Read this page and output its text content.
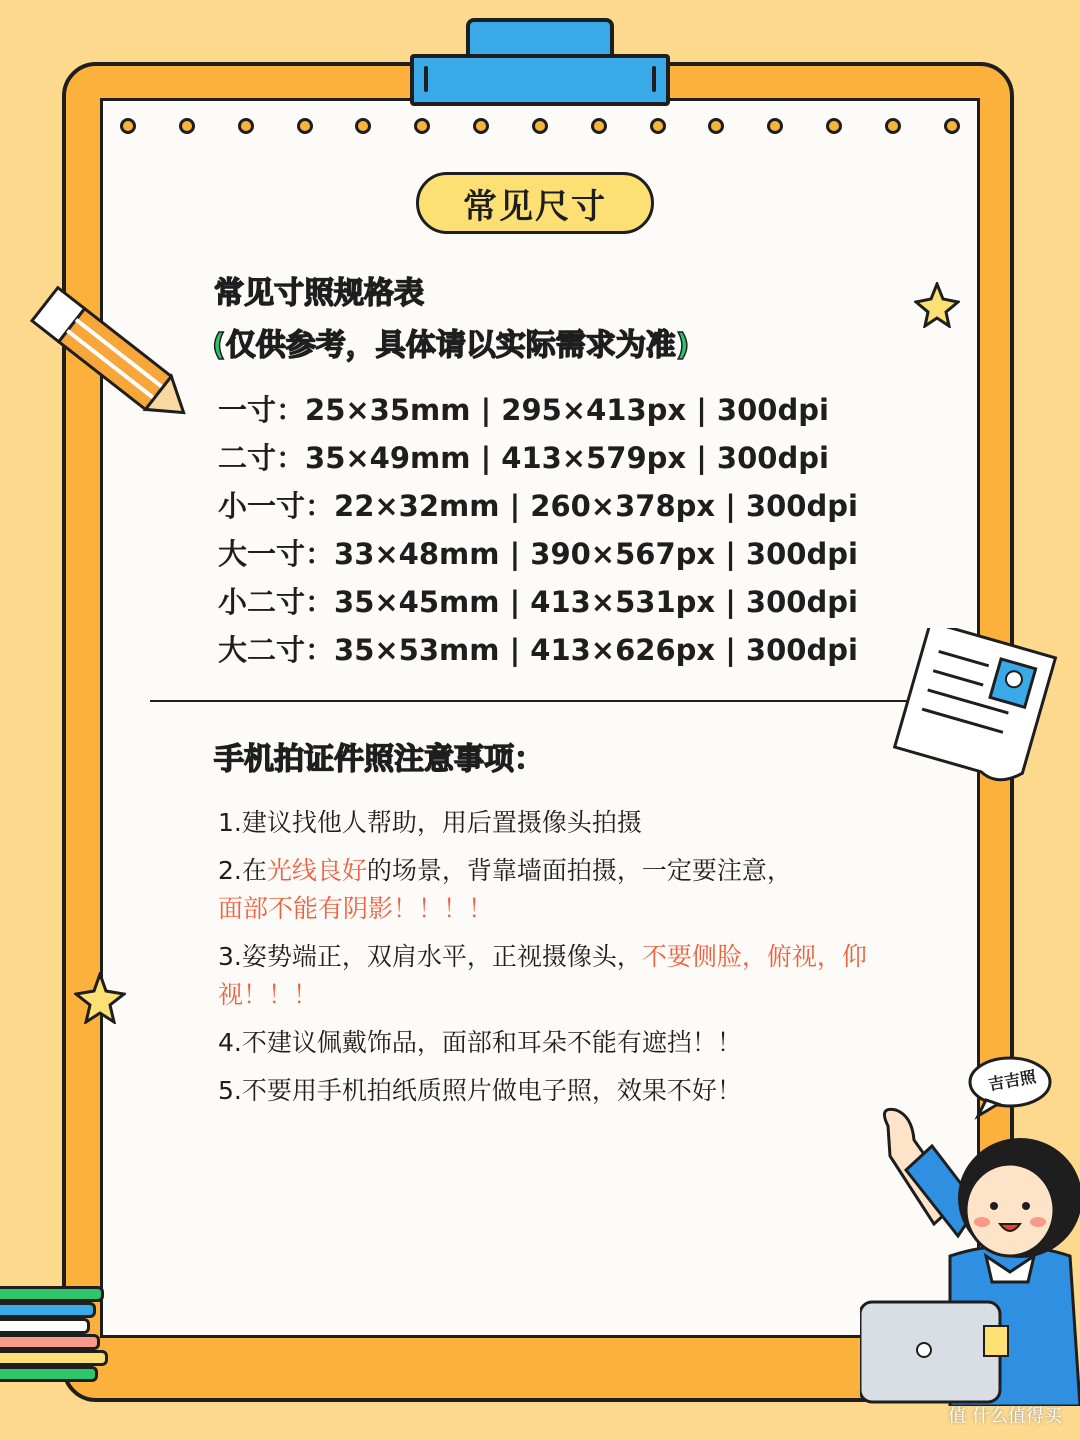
常见尺寸
常见寸照规格表
(仅供参考，具体请以实际需求为准)
一寸：25×35mm | 295×413px | 300dpi
二寸：35×49mm | 413×579px | 300dpi
小一寸：22×32mm | 260×378px | 300dpi
大一寸：33×48mm | 390×567px | 300dpi
小二寸：35×45mm | 413×531px | 300dpi
大二寸：35×53mm | 413×626px | 300dpi
手机拍证件照注意事项：

1.建议找他人帮助，用后置摄像头拍摄

2.在光线良好的场景，背靠墙面拍摄，一定要注意，
面部不能有阴影！！！！

3.姿势端正，双肩水平，正视摄像头，不要侧脸，俯视，仰视！！！

4.不建议佩戴饰品，面部和耳朵不能有遮挡！！

5.不要用手机拍纸质照片做电子照，效果不好！	吉吉照
值 什么值得买
